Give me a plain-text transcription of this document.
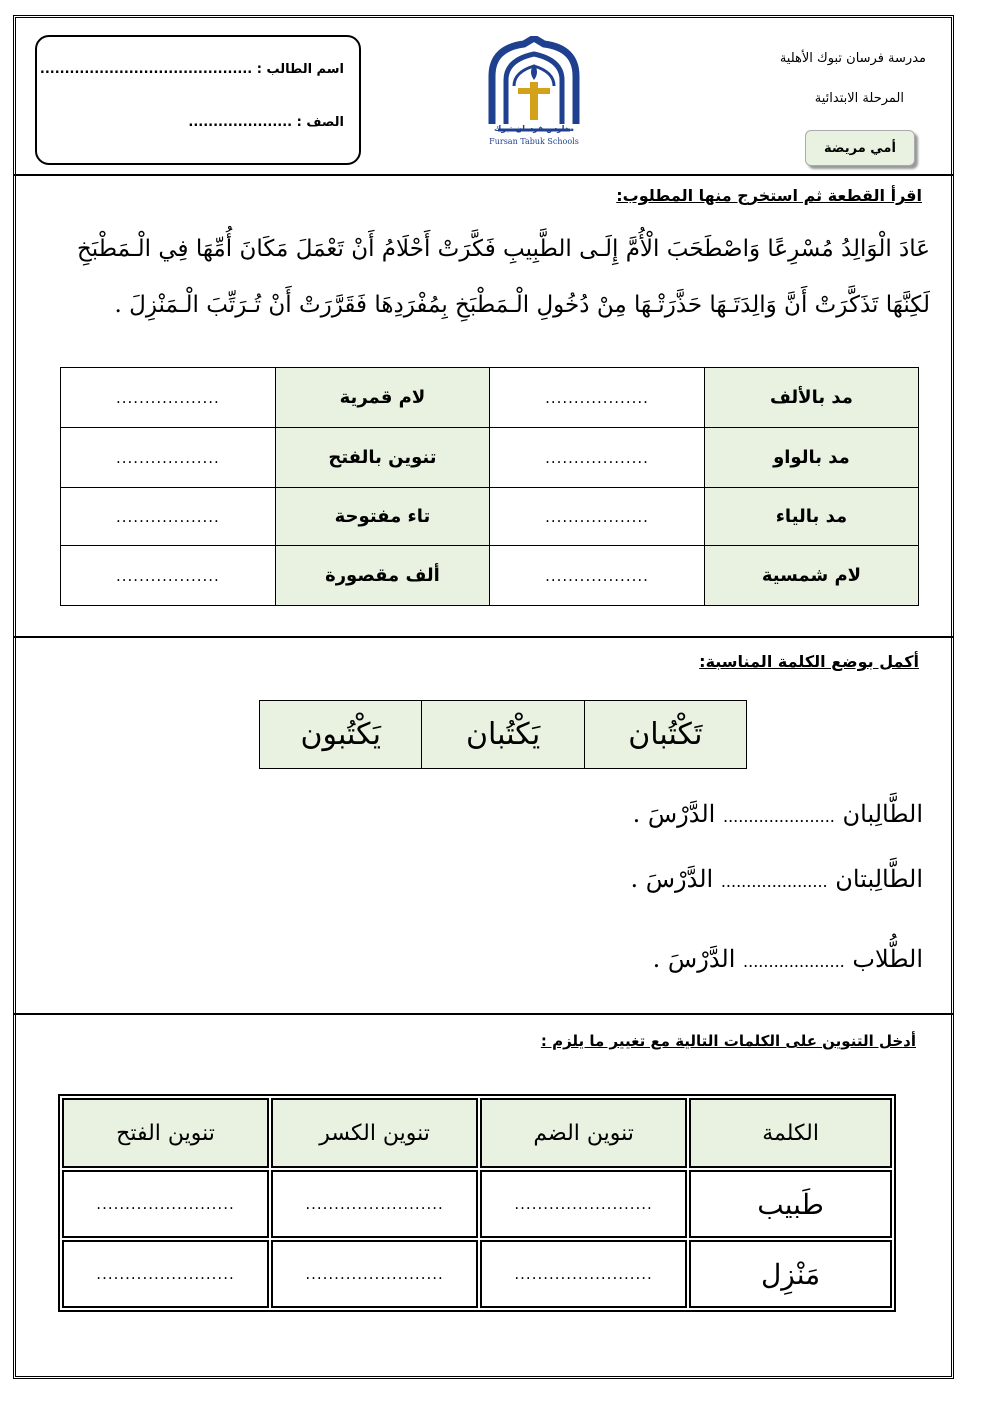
اسم الطالب : ...........................................
الصف : .....................	مدارس فرسان تبوك
Fursan Tabuk Schools
مدرسة فرسان تبوك الأهلية
المرحلة الابتدائية
أمي مريضة
اقرأ القطعة ثم استخرج منها المطلوب:
عَادَ الْوَالِدُ مُسْرِعًا وَاصْطَحَبَ الْأُمَّ إِلَـى الطَّبِيبِ فَكَّرَتْ أَحْلَامُ أَنْ تَعْمَلَ مَكَانَ أُمِّهَا فِي الْـمَطْبَخِ
لَكِنَّهَا تَذَكَّرَتْ أَنَّ وَالِدَتَـهَا حَذَّرَتْـهَا مِنْ دُخُولِ الْـمَطْبَخِ بِمُفْرَدِهَا فَقَرَّرَتْ أَنْ تُـرَتِّبَ الْـمَنْزِلَ .
..................	لام قمرية	..................	مد بالألف
..................	تنوين بالفتح	..................	مد بالواو
..................	تاء مفتوحة	..................	مد بالياء
..................	ألف مقصورة	..................	لام شمسية
أكمل بوضع الكلمة المناسبة:
يَكْتُبون	يَكْتُبان	تَكْتُبان
الطَّالِبان ...................... الدَّرْسَ .
الطَّالِبتان ..................... الدَّرْسَ .
الطُّلاب .................... الدَّرْسَ .
أدخل التنوين على الكلمات التالية مع تغيير ما يلزم :
تنوين الفتح	تنوين الكسر	تنوين الضم	الكلمة
........................	........................	........................	طَبيب
........................	........................	........................	مَنْزِل
